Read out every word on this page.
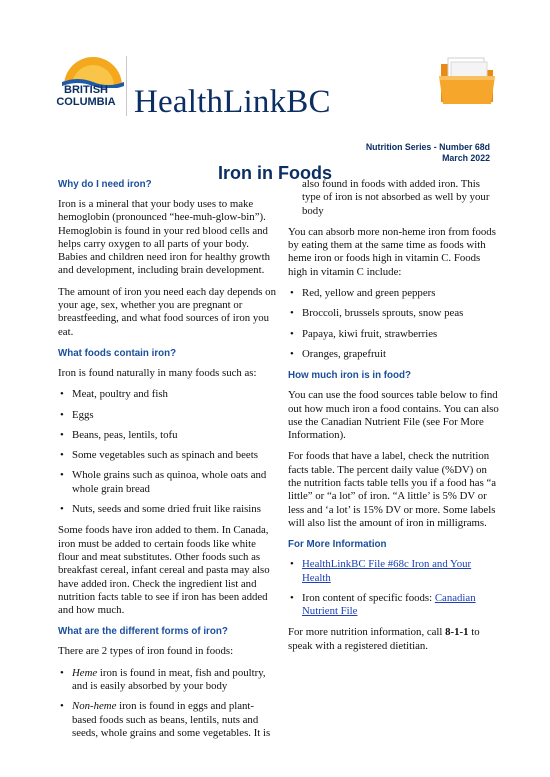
BRITISH COLUMBIA HealthLinkBC
Nutrition Series - Number 68d
March 2022
Iron in Foods
Why do I need iron?

Iron is a mineral that your body uses to make hemoglobin (pronounced “hee-muh-glow-bin”). Hemoglobin is found in your red blood cells and helps carry oxygen to all parts of your body. Babies and children need iron for healthy growth and development, including brain development.

The amount of iron you need each day depends on your age, sex, whether you are pregnant or breastfeeding, and what food sources of iron you eat.

What foods contain iron?

Iron is found naturally in many foods such as:

• Meat, poultry and fish
• Eggs
• Beans, peas, lentils, tofu
• Some vegetables such as spinach and beets
• Whole grains such as quinoa, whole oats and whole grain bread
• Nuts, seeds and some dried fruit like raisins

Some foods have iron added to them. In Canada, iron must be added to certain foods like white flour and meat substitutes. Other foods such as breakfast cereal, infant cereal and pasta may also have added iron. Check the ingredient list and nutrition facts table to see if iron has been added and how much.

What are the different forms of iron?

There are 2 types of iron found in foods:

• Heme iron is found in meat, fish and poultry, and is easily absorbed by your body
• Non-heme iron is found in eggs and plant-based foods such as beans, lentils, nuts and seeds, whole grains and some vegetables. It is

also found in foods with added iron. This type of iron is not absorbed as well by your body

You can absorb more non-heme iron from foods by eating them at the same time as foods with heme iron or foods high in vitamin C. Foods high in vitamin C include:

• Red, yellow and green peppers
• Broccoli, brussels sprouts, snow peas
• Papaya, kiwi fruit, strawberries
• Oranges, grapefruit
How much iron is in food?

You can use the food sources table below to find out how much iron a food contains. You can also use the Canadian Nutrient File (see For More Information).

For foods that have a label, check the nutrition facts table. The percent daily value (%DV) on the nutrition facts table tells you if a food has “a little” or “a lot” of iron. “A little’ is 5% DV or less and ‘a lot’ is 15% DV or more. Some labels will also list the amount of iron in milligrams.

For More Information
• HealthLinkBC File #68c Iron and Your Health
• Iron content of specific foods: Canadian Nutrient File

For more nutrition information, call 8-1-1 to speak with a registered dietitian.
